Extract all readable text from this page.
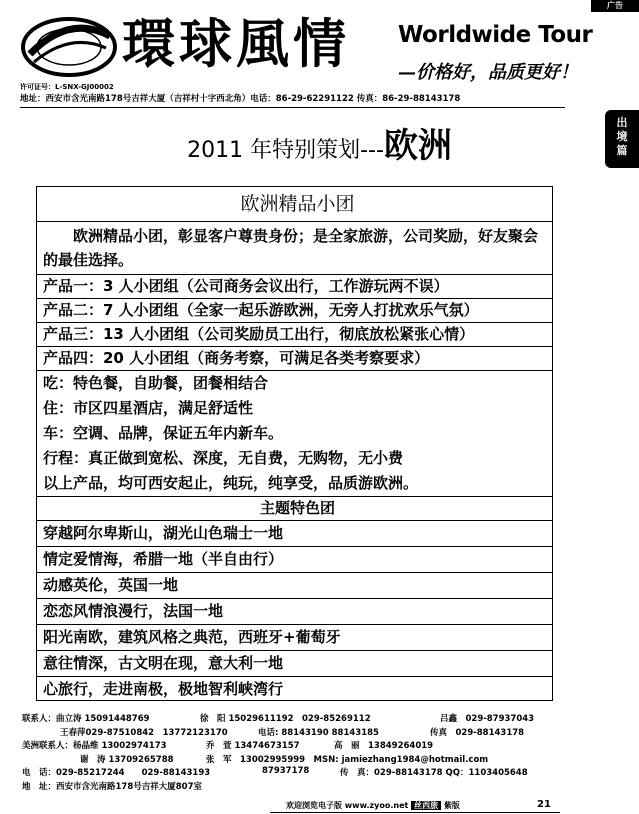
广告
環球風情 Worldwide Tour
—价格好，品质更好！
许可证号：L-SNX-GJ00002
地址：西安市含光南路178号吉祥大厦（吉祥村十字西北角）电话：86-29-62291122 传真：86-29-88143178
出
境
篇
2011 年特别策划---欧洲
欧洲精品小团
欧洲精品小团，彰显客户尊贵身份；是全家旅游，公司奖励，好友聚会的最佳选择。
产品一：3 人小团组（公司商务会议出行，工作游玩两不误）
产品二：7 人小团组（全家一起乐游欧洲，无旁人打扰欢乐气氛）
产品三：13 人小团组（公司奖励员工出行，彻底放松紧张心情）
产品四：20 人小团组（商务考察，可满足各类考察要求）
吃：特色餐，自助餐，团餐相结合
住：市区四星酒店，满足舒适性
车：空调、品牌，保证五年内新车。
行程：真正做到宽松、深度，无自费，无购物，无小费
以上产品，均可西安起止，纯玩，纯享受，品质游欧洲。
主题特色团
穿越阿尔卑斯山，湖光山色瑞士一地
情定爱情海，希腊一地（半自由行）
动感英伦，英国一地
恋恋风情浪漫行，法国一地
阳光南欧，建筑风格之典范，西班牙+葡萄牙
意往情深，古文明在现，意大利一地
心旅行，走进南极，极地智利峡湾行
联系人：曲立涛 15091448769	徐　阳 15029611192　029-85269112	吕鑫　029-87937043
王春萍029-87510842　13772123170	电话: 88143190 88143185	传真　029-88143178
美洲联系人：杨晶维 13002974173	乔　萱 13474673157	高　丽　13849264019
谢　涛 13709265788	张　军　13002995999　MSN: jamiezhang1984@hotmail.com
电　话：029-85217244　　029-88143193	87937178	传　真：029-88143178 QQ：1103405648
地　址：西安市含光南路178号吉祥大厦807室
欢迎浏览电子版 www.zyoo.net 丝西旅 紫版	21
